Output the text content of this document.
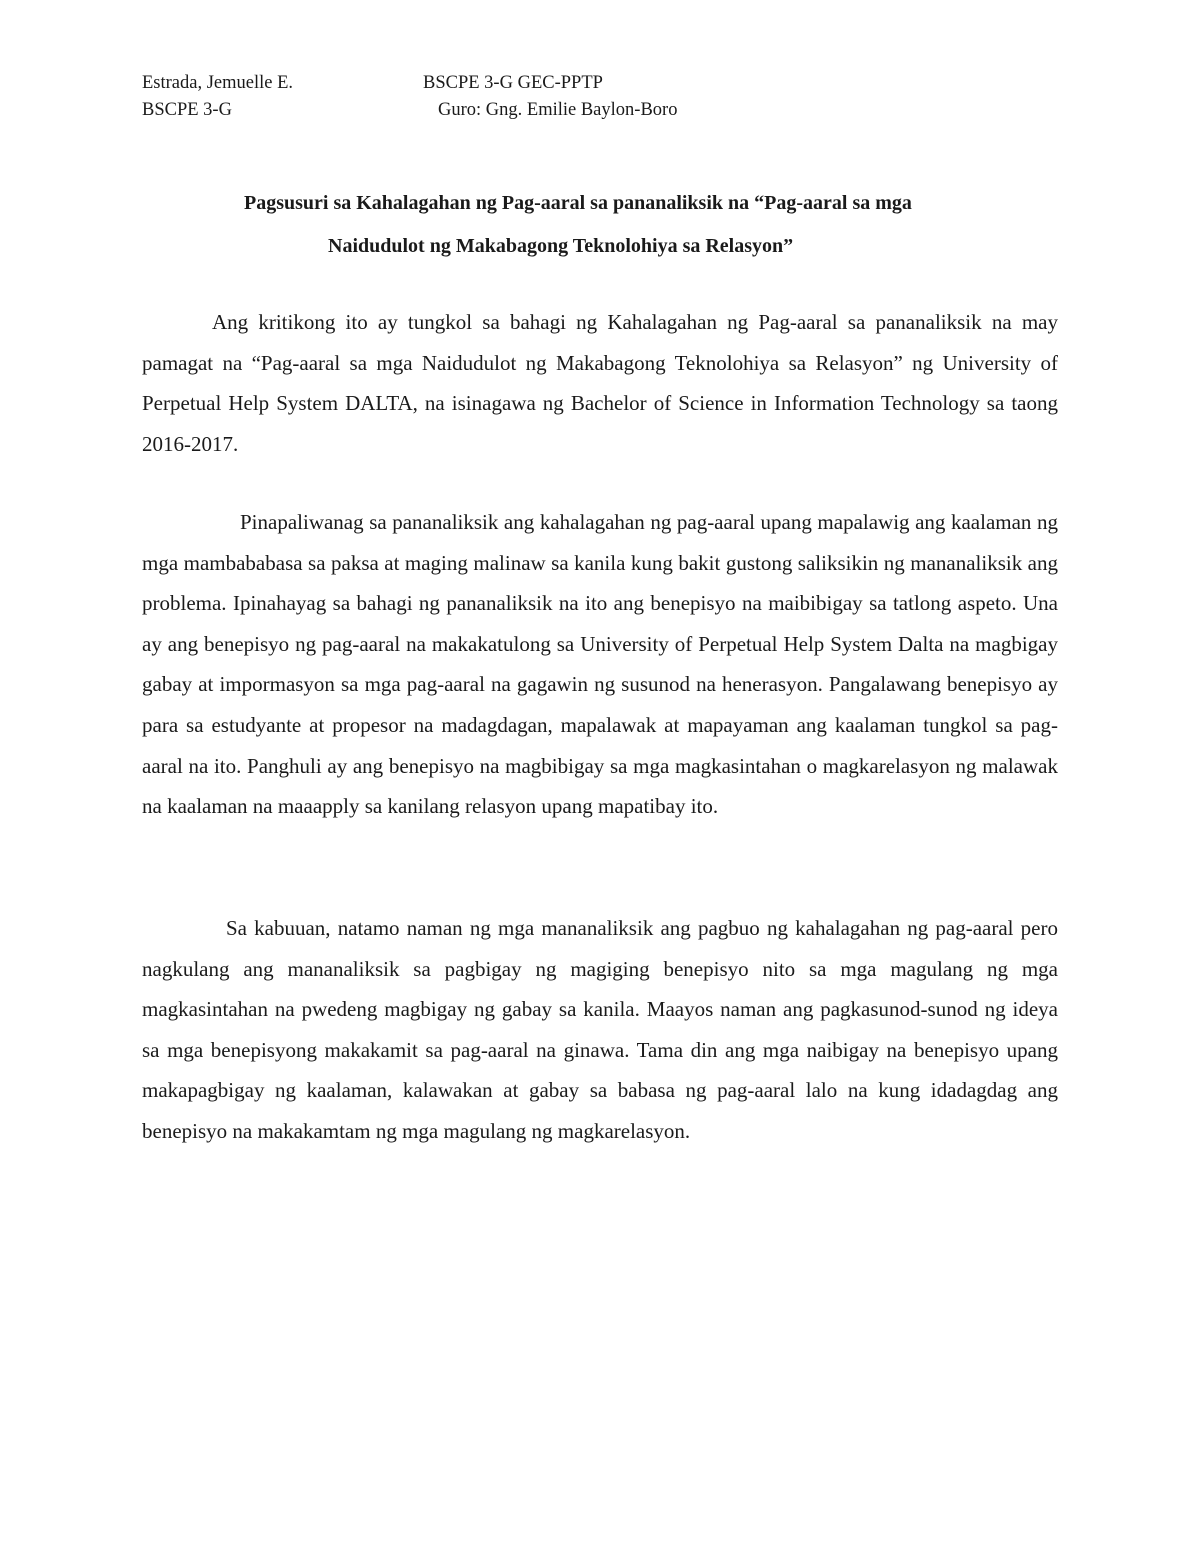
Estrada, Jemuelle E.	BSCPE 3-G GEC-PPTP
BSCPE 3-G	Guro: Gng. Emilie Baylon-Boro
Pagsusuri sa Kahalagahan ng Pag-aaral sa pananaliksik na “Pag-aaral sa mga
Naidudulot ng Makabagong Teknolohiya sa Relasyon”

Ang kritikong ito ay tungkol sa bahagi ng Kahalagahan ng Pag-aaral sa pananaliksik na may pamagat na “Pag-aaral sa mga Naidudulot ng Makabagong Teknolohiya sa Relasyon” ng University of Perpetual Help System DALTA, na isinagawa ng Bachelor of Science in Information Technology sa taong 2016-2017.

Pinapaliwanag sa pananaliksik ang kahalagahan ng pag-aaral upang mapalawig ang kaalaman ng mga mambababasa sa paksa at maging malinaw sa kanila kung bakit gustong saliksikin ng mananaliksik ang problema. Ipinahayag sa bahagi ng pananaliksik na ito ang benepisyo na maibibigay sa tatlong aspeto. Una ay ang benepisyo ng pag-aaral na makakatulong sa University of Perpetual Help System Dalta na magbigay gabay at impormasyon sa mga pag-aaral na gagawin ng susunod na henerasyon. Pangalawang benepisyo ay para sa estudyante at propesor na madagdagan, mapalawak at mapayaman ang kaalaman tungkol sa pag-aaral na ito. Panghuli ay ang benepisyo na magbibigay sa mga magkasintahan o magkarelasyon ng malawak na kaalaman na maaapply sa kanilang relasyon upang mapatibay ito.

Sa kabuuan, natamo naman ng mga mananaliksik ang pagbuo ng kahalagahan ng pag-aaral pero nagkulang ang mananaliksik sa pagbigay ng magiging benepisyo nito sa mga magulang ng mga magkasintahan na pwedeng magbigay ng gabay sa kanila. Maayos naman ang pagkasunod-sunod ng ideya sa mga benepisyong makakamit sa pag-aaral na ginawa. Tama din ang mga naibigay na benepisyo upang makapagbigay ng kaalaman, kalawakan at gabay sa babasa ng pag-aaral lalo na kung idadagdag ang benepisyo na makakamtam ng mga magulang ng magkarelasyon.
